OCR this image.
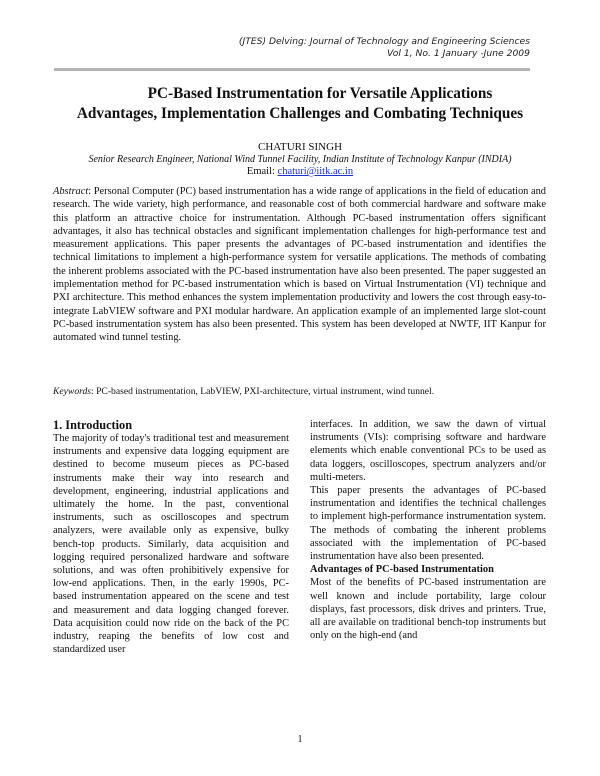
(JTES) Delving: Journal of Technology and Engineering Sciences
Vol 1, No. 1 January -June 2009
PC-Based Instrumentation for Versatile Applications
Advantages, Implementation Challenges and Combating Techniques
CHATURI SINGH
Senior Research Engineer, National Wind Tunnel Facility, Indian Institute of Technology Kanpur (INDIA)
Email: chaturi@iitk.ac.in
Abstract: Personal Computer (PC) based instrumentation has a wide range of applications in the field of education and research. The wide variety, high performance, and reasonable cost of both commercial hardware and software make this platform an attractive choice for instrumentation. Although PC-based instrumentation offers significant advantages, it also has technical obstacles and significant implementation challenges for high-performance test and measurement applications. This paper presents the advantages of PC-based instrumentation and identifies the technical limitations to implement a high-performance system for versatile applications. The methods of combating the inherent problems associated with the PC-based instrumentation have also been presented. The paper suggested an implementation method for PC-based instrumentation which is based on Virtual Instrumentation (VI) technique and PXI architecture. This method enhances the system implementation productivity and lowers the cost through easy-to-integrate LabVIEW software and PXI modular hardware. An application example of an implemented large slot-count PC-based instrumentation system has also been presented. This system has been developed at NWTF, IIT Kanpur for automated wind tunnel testing.
Keywords: PC-based instrumentation, LabVIEW, PXI-architecture, virtual instrument, wind tunnel.
1. Introduction

The majority of today's traditional test and measurement instruments and expensive data logging equipment are destined to become museum pieces as PC-based instruments make their way into research and development, engineering, industrial applications and ultimately the home. In the past, conventional instruments, such as oscilloscopes and spectrum analyzers, were available only as expensive, bulky bench-top products. Similarly, data acquisition and logging required personalized hardware and software solutions, and was often prohibitively expensive for low-end applications. Then, in the early 1990s, PC-based instrumentation appeared on the scene and test and measurement and data logging changed forever. Data acquisition could now ride on the back of the PC industry, reaping the benefits of low cost and standardized user

interfaces. In addition, we saw the dawn of virtual instruments (VIs): comprising software and hardware elements which enable conventional PCs to be used as data loggers, oscilloscopes, spectrum analyzers and/or multi-meters.

This paper presents the advantages of PC-based instrumentation and identifies the technical challenges to implement high-performance instrumentation system. The methods of combating the inherent problems associated with the implementation of PC-based instrumentation have also been presented.

Advantages of PC-based Instrumentation

Most of the benefits of PC-based instrumentation are well known and include portability, large colour displays, fast processors, disk drives and printers. True, all are available on traditional bench-top instruments but only on the high-end (and

1
